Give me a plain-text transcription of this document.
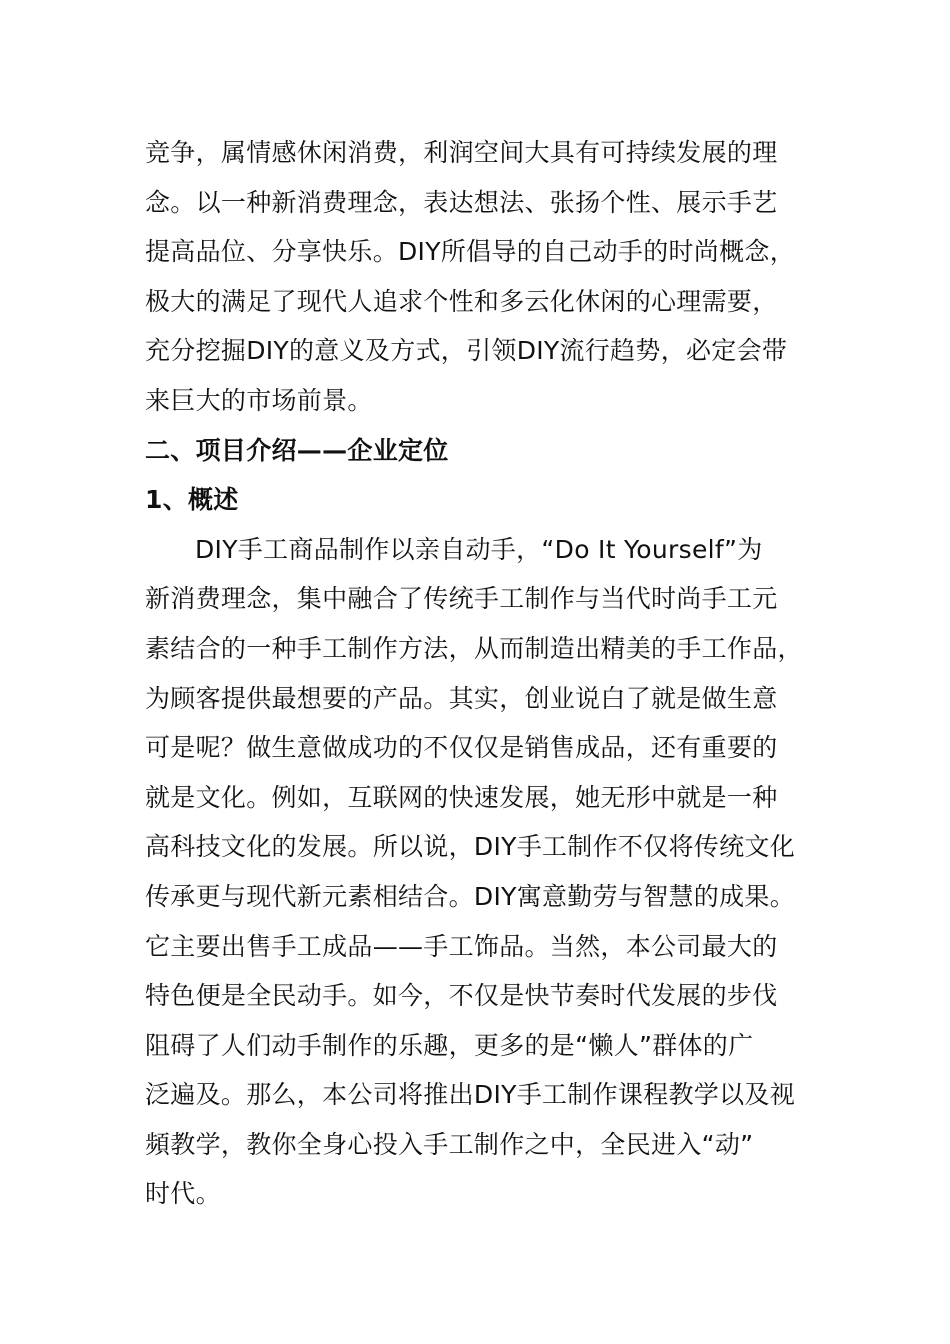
竞争，属情感休闲消费，利润空间大具有可持续发展的理
念。以一种新消费理念，表达想法、张扬个性、展示手艺
提高品位、分享快乐。DIY所倡导的自己动手的时尚概念，
极大的满足了现代人追求个性和多云化休闲的心理需要，
充分挖掘DIY的意义及方式，引领DIY流行趋势，必定会带
来巨大的市场前景。
二、项目介绍——企业定位
1、概述
DIY手工商品制作以亲自动手，“Do It Yourself”为
新消费理念，集中融合了传统手工制作与当代时尚手工元
素结合的一种手工制作方法，从而制造出精美的手工作品，
为顾客提供最想要的产品。其实，创业说白了就是做生意
可是呢？做生意做成功的不仅仅是销售成品，还有重要的
就是文化。例如，互联网的快速发展，她无形中就是一种
高科技文化的发展。所以说，DIY手工制作不仅将传统文化
传承更与现代新元素相结合。DIY寓意勤劳与智慧的成果。
它主要出售手工成品——手工饰品。当然，本公司最大的
特色便是全民动手。如今，不仅是快节奏时代发展的步伐
阻碍了人们动手制作的乐趣，更多的是“懒人”群体的广
泛遍及。那么，本公司将推出DIY手工制作课程教学以及视
頻教学，教你全身心投入手工制作之中，全民进入“动”
时代。
